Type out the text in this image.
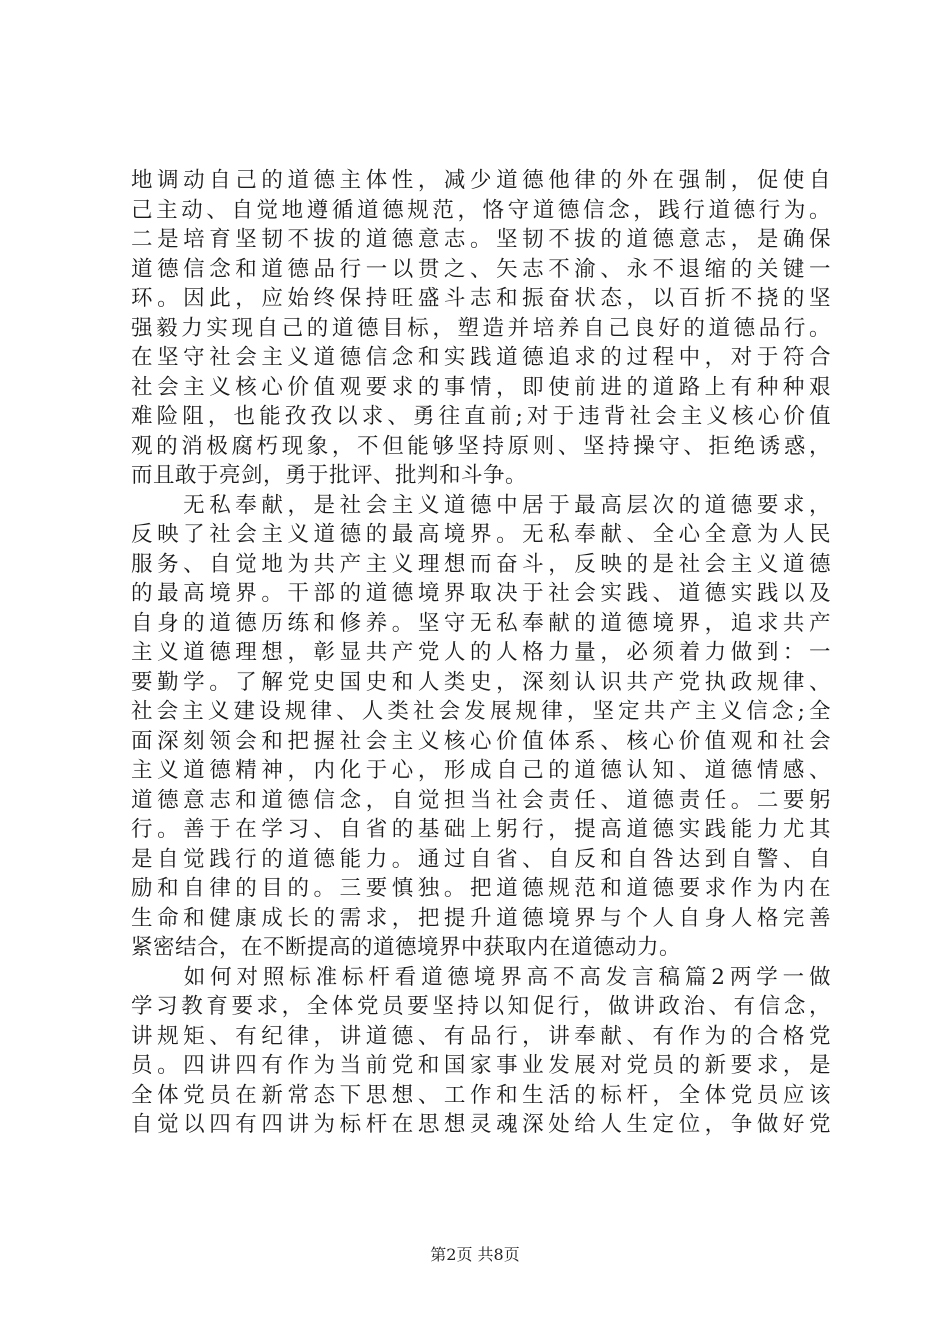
地调动自己的道德主体性，减少道德他律的外在强制，促使自
己主动、自觉地遵循道德规范，恪守道德信念，践行道德行为。
二是培育坚韧不拔的道德意志。坚韧不拔的道德意志，是确保
道德信念和道德品行一以贯之、矢志不渝、永不退缩的关键一
环。因此，应始终保持旺盛斗志和振奋状态，以百折不挠的坚
强毅力实现自己的道德目标，塑造并培养自己良好的道德品行。
在坚守社会主义道德信念和实践道德追求的过程中，对于符合
社会主义核心价值观要求的事情，即使前进的道路上有种种艰
难险阻，也能孜孜以求、勇往直前;对于违背社会主义核心价值
观的消极腐朽现象，不但能够坚持原则、坚持操守、拒绝诱惑，
而且敢于亮剑，勇于批评、批判和斗争。
　　无私奉献，是社会主义道德中居于最高层次的道德要求，
反映了社会主义道德的最高境界。无私奉献、全心全意为人民
服务、自觉地为共产主义理想而奋斗，反映的是社会主义道德
的最高境界。干部的道德境界取决于社会实践、道德实践以及
自身的道德历练和修养。坚守无私奉献的道德境界，追求共产
主义道德理想，彰显共产党人的人格力量，必须着力做到：一
要勤学。了解党史国史和人类史，深刻认识共产党执政规律、
社会主义建设规律、人类社会发展规律，坚定共产主义信念;全
面深刻领会和把握社会主义核心价值体系、核心价值观和社会
主义道德精神，内化于心，形成自己的道德认知、道德情感、
道德意志和道德信念，自觉担当社会责任、道德责任。二要躬
行。善于在学习、自省的基础上躬行，提高道德实践能力尤其
是自觉践行的道德能力。通过自省、自反和自咎达到自警、自
励和自律的目的。三要慎独。把道德规范和道德要求作为内在
生命和健康成长的需求，把提升道德境界与个人自身人格完善
紧密结合，在不断提高的道德境界中获取内在道德动力。
　　如何对照标准标杆看道德境界高不高发言稿篇2两学一做
学习教育要求，全体党员要坚持以知促行，做讲政治、有信念，
讲规矩、有纪律，讲道德、有品行，讲奉献、有作为的合格党
员。四讲四有作为当前党和国家事业发展对党员的新要求，是
全体党员在新常态下思想、工作和生活的标杆，全体党员应该
自觉以四有四讲为标杆在思想灵魂深处给人生定位，争做好党
第2页 共8页
